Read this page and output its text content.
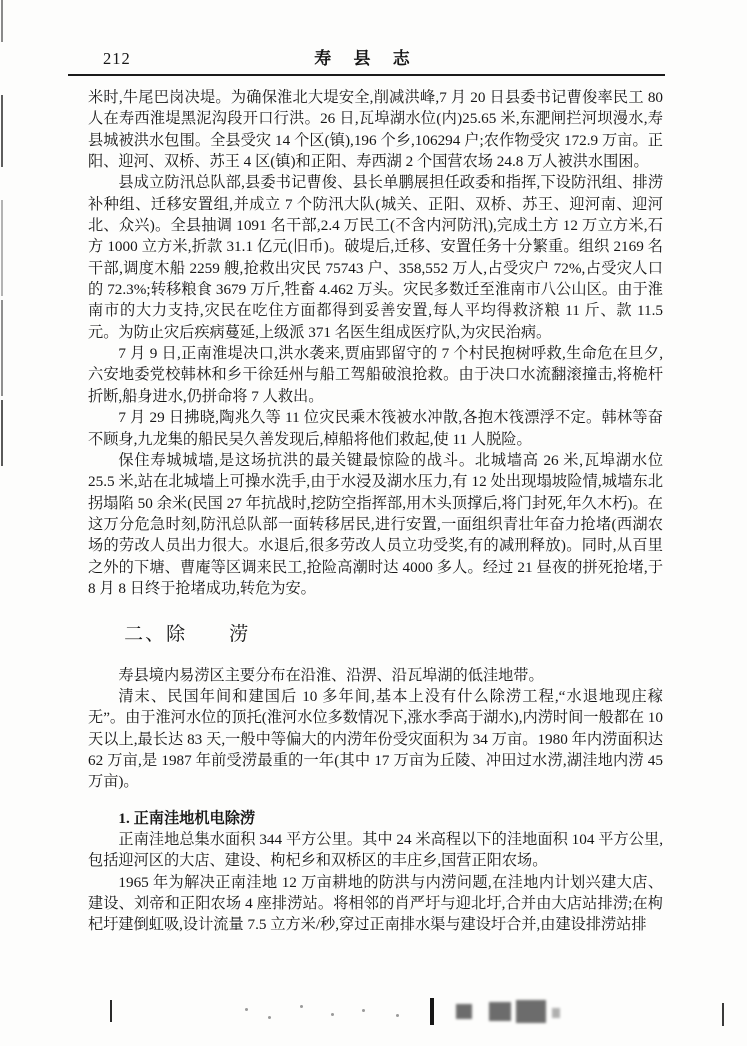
212	寿 县 志

米时,牛尾巴岗决堤。为确保淮北大堤安全,削减洪峰,7 月 20 日县委书记曹俊率民工 80 人在寿西淮堤黑泥沟段开口行洪。26 日,瓦埠湖水位(内)25.65 米,东淝闸拦河坝漫水,寿县城被洪水包围。全县受灾 14 个区(镇),196 个乡,106294 户;农作物受灾 172.9 万亩。正阳、迎河、双桥、苏王 4 区(镇)和正阳、寿西湖 2 个国营农场 24.8 万人被洪水围困。

县成立防汛总队部,县委书记曹俊、县长单鹏展担任政委和指挥,下设防汛组、排涝补种组、迁移安置组,并成立 7 个防汛大队(城关、正阳、双桥、苏王、迎河南、迎河北、众兴)。全县抽调 1091 名干部,2.4 万民工(不含内河防汛),完成土方 12 万立方米,石方 1000 立方米,折款 31.1 亿元(旧币)。破堤后,迁移、安置任务十分繁重。组织 2169 名干部,调度木船 2259 艘,抢救出灾民 75743 户、358,552 万人,占受灾户 72%,占受灾人口的 72.3%;转移粮食 3679 万斤,牲畜 4.462 万头。灾民多数迁至淮南市八公山区。由于淮南市的大力支持,灾民在吃住方面都得到妥善安置,每人平均得救济粮 11 斤、款 11.5 元。为防止灾后疾病蔓延,上级派 371 名医生组成医疗队,为灾民治病。

7 月 9 日,正南淮堤决口,洪水袭来,贾庙郢留守的 7 个村民抱树呼救,生命危在旦夕,六安地委党校韩林和乡干徐廷州与船工驾船破浪抢救。由于决口水流翻滚撞击,将桅杆折断,船身进水,仍拼命将 7 人救出。

7 月 29 日拂晓,陶兆久等 11 位灾民乘木筏被水冲散,各抱木筏漂浮不定。韩林等奋不顾身,九龙集的船民吴久善发现后,棹船将他们救起,使 11 人脱险。

保住寿城城墙,是这场抗洪的最关键最惊险的战斗。北城墙高 26 米,瓦埠湖水位 25.5 米,站在北城墙上可操水洗手,由于水浸及湖水压力,有 12 处出现塌坡险情,城墙东北拐塌陷 50 余米(民国 27 年抗战时,挖防空指挥部,用木头顶撑后,将门封死,年久木朽)。在这万分危急时刻,防汛总队部一面转移居民,进行安置,一面组织青壮年奋力抢堵(西湖农场的劳改人员出力很大。水退后,很多劳改人员立功受奖,有的减刑释放)。同时,从百里之外的下塘、曹庵等区调来民工,抢险高潮时达 4000 多人。经过 21 昼夜的拼死抢堵,于 8 月 8 日终于抢堵成功,转危为安。

二、除　　涝

寿县境内易涝区主要分布在沿淮、沿淠、沿瓦埠湖的低洼地带。

清末、民国年间和建国后 10 多年间,基本上没有什么除涝工程,“水退地现庄稼无”。由于淮河水位的顶托(淮河水位多数情况下,涨水季高于湖水),内涝时间一般都在 10 天以上,最长达 83 天,一般中等偏大的内涝年份受灾面积为 34 万亩。1980 年内涝面积达 62 万亩,是 1987 年前受涝最重的一年(其中 17 万亩为丘陵、冲田过水涝,湖洼地内涝 45 万亩)。

1. 正南洼地机电除涝

正南洼地总集水面积 344 平方公里。其中 24 米高程以下的洼地面积 104 平方公里,包括迎河区的大店、建设、枸杞乡和双桥区的丰庄乡,国营正阳农场。

1965 年为解决正南洼地 12 万亩耕地的防洪与内涝问题,在洼地内计划兴建大店、建设、刘帝和正阳农场 4 座排涝站。将相邻的肖严圩与迎北圩,合并由大店站排涝;在枸杞圩建倒虹吸,设计流量 7.5 立方米/秒,穿过正南排水渠与建设圩合并,由建设排涝站排
